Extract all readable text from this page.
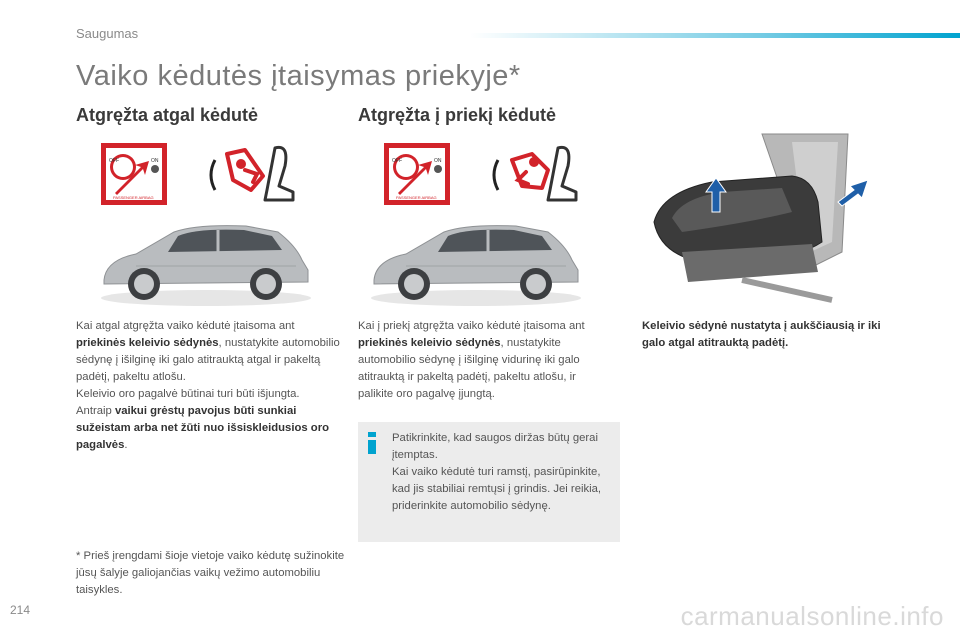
Saugumas
Vaiko kėdutės įtaisymas priekyje*
Atgręžta atgal kėdutė
OFF	ON
PASSENGER AIRBAG
Kai atgal atgręžta vaiko kėdutė įtaisoma ant priekinės keleivio sėdynės, nustatykite automobilio sėdynę į išilginę iki galo atitrauktą atgal ir pakeltą padėtį, pakeltu atlošu.
Keleivio oro pagalvė būtinai turi būti išjungta.
Antraip vaikui grėstų pavojus būti sunkiai sužeistam arba net žūti nuo išsiskleidusios oro pagalvės.
* Prieš įrengdami šioje vietoje vaiko kėdutę sužinokite jūsų šalyje galiojančias vaikų vežimo automobiliu taisykles.
Atgręžta į priekį kėdutė
OFF	ON
PASSENGER AIRBAG
Kai į priekį atgręžta vaiko kėdutė įtaisoma ant priekinės keleivio sėdynės, nustatykite automobilio sėdynę į išilginę vidurinę iki galo atitrauktą ir pakeltą padėtį, pakeltu atlošu, ir palikite oro pagalvę įjungtą.
Patikrinkite, kad saugos diržas būtų gerai įtemptas.
Kai vaiko kėdutė turi ramstį, pasirūpinkite, kad jis stabiliai remtųsi į grindis. Jei reikia, priderinkite automobilio sėdynę.
Keleivio sėdynė nustatyta į aukščiausią ir iki galo atgal atitrauktą padėtį.
214	carmanualsonline.info
